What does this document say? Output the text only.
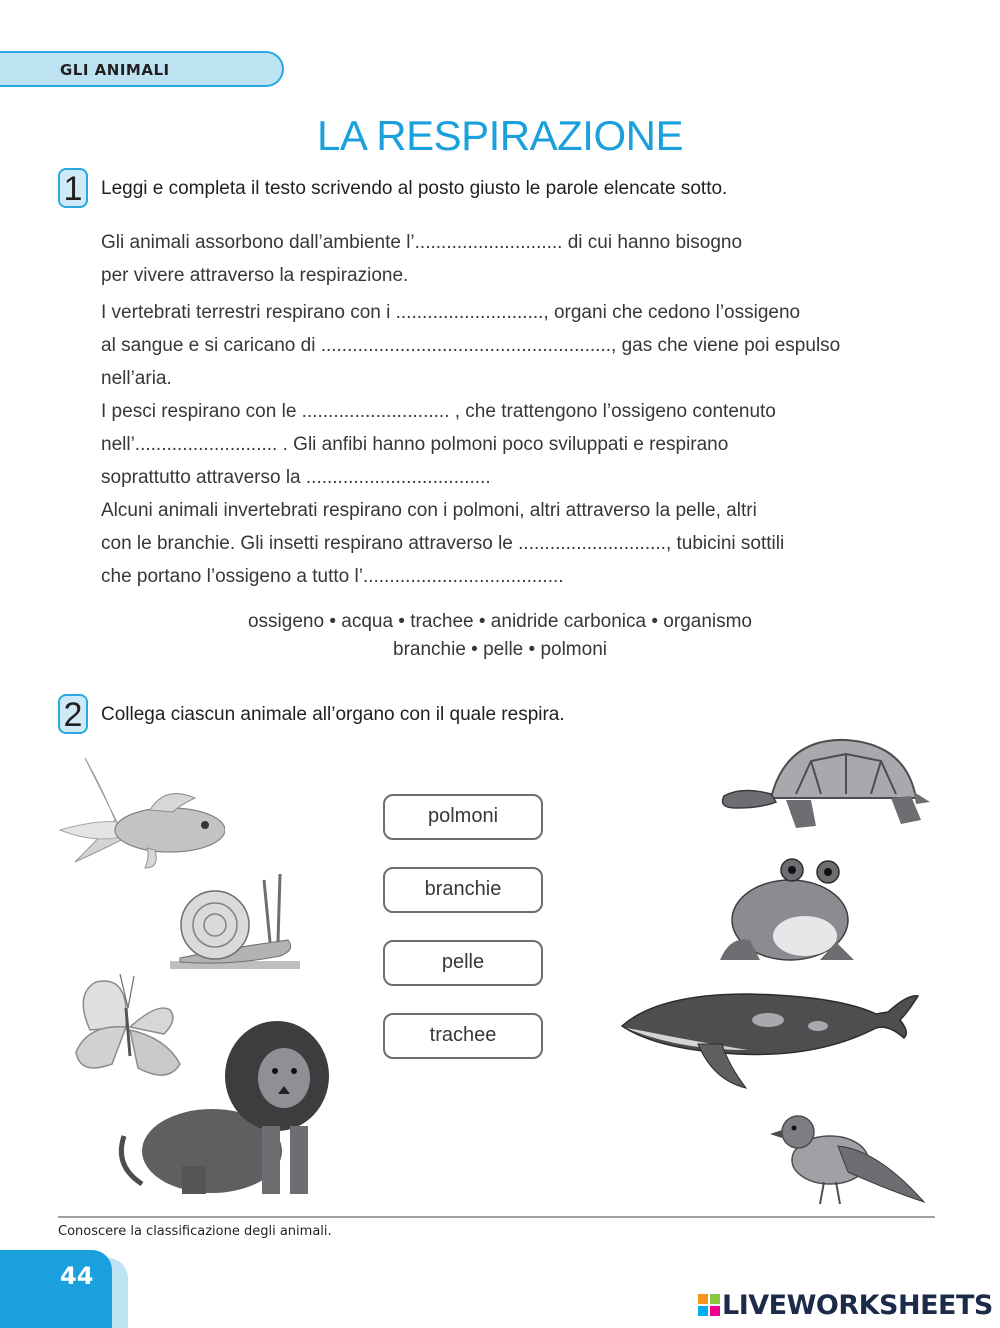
GLI ANIMALI
LA RESPIRAZIONE
1 Leggi e completa il testo scrivendo al posto giusto le parole elencate sotto.

Gli animali assorbono dall’ambiente l’............................ di cui hanno bisogno

per vivere attraverso la respirazione.

I vertebrati terrestri respirano con i ............................, organi che cedono l’ossigeno

al sangue e si caricano di ......................................................., gas che viene poi espulso

nell’aria.

I pesci respirano con le ............................ , che trattengono l’ossigeno contenuto

nell’........................... . Gli anfibi hanno polmoni poco sviluppati e respirano

soprattutto attraverso la ...................................

Alcuni animali invertebrati respirano con i polmoni, altri attraverso la pelle, altri

con le branchie. Gli insetti respirano attraverso le ............................, tubicini sottili

che portano l’ossigeno a tutto l’......................................

ossigeno • acqua • trachee • anidride carbonica • organismo
branchie • pelle • polmoni
2 Collega ciascun animale all’organo con il quale respira.
polmoni
branchie
pelle
trachee
Conoscere la classificazione degli animali.
44
LIVEWORKSHEETS
